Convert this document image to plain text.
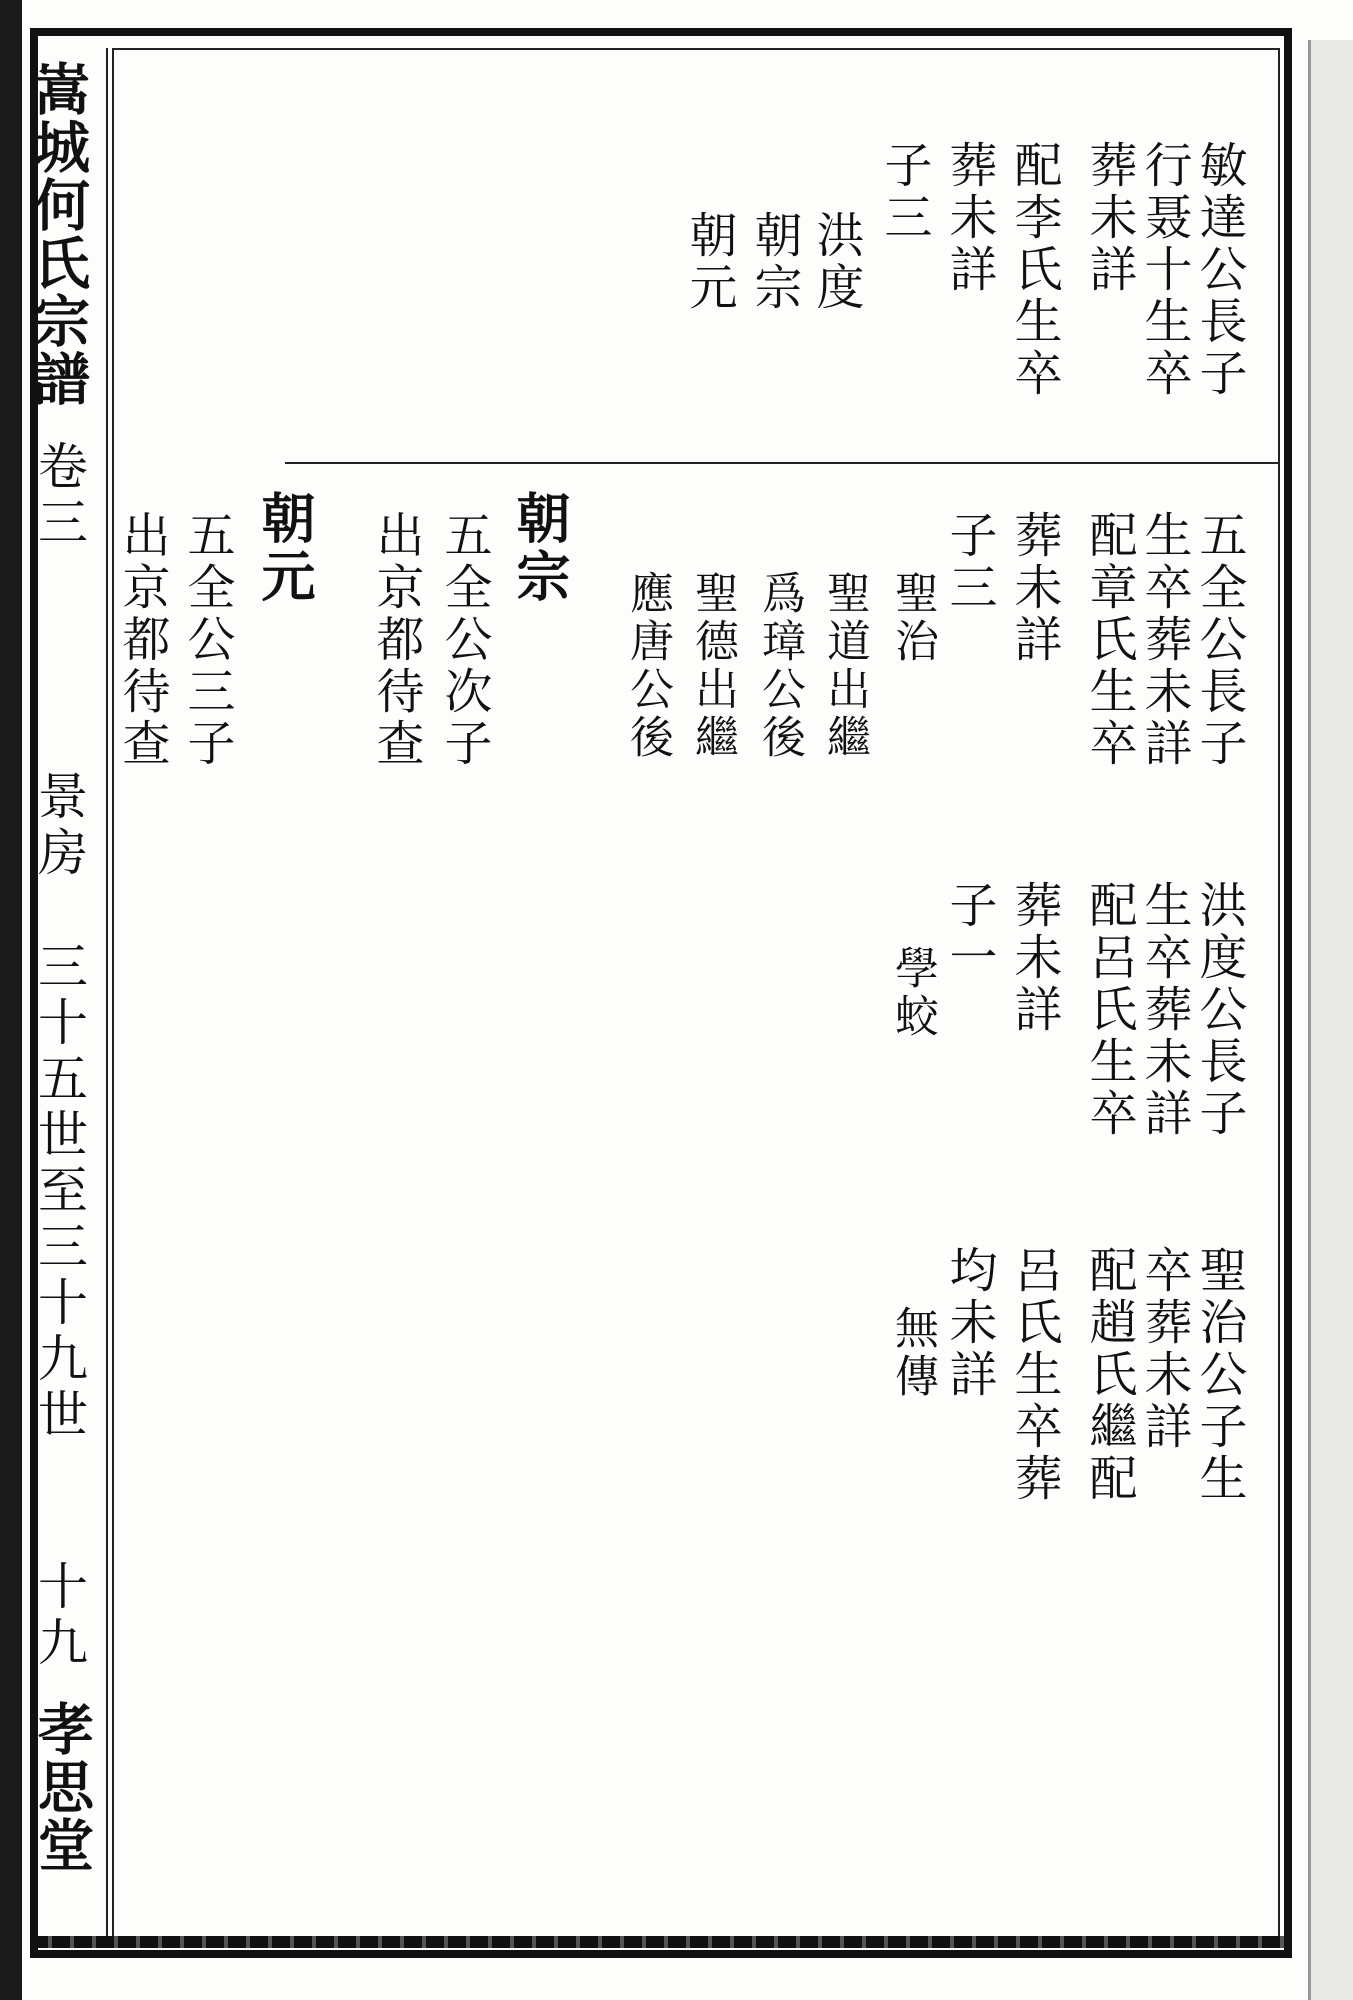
嵩城何氏宗譜
卷三
景房
三十五世至三十九世
十九
孝思堂
敏達公長子
行聂十生卒
葬未詳
配李氏生卒
葬未詳
子三
洪度
朝宗
朝元
五全公長子
生卒葬未詳
配章氏生卒
葬未詳
子三
聖治
聖道出繼
爲璋公後
聖德出繼
應唐公後
洪度公長子
生卒葬未詳
配呂氏生卒
葬未詳
子一
學蛟
聖治公子生
卒葬未詳
配趙氏繼配
呂氏生卒葬
均未詳
無傳
朝宗
五全公次子
出京都待查
朝元
五全公三子
出京都待查
